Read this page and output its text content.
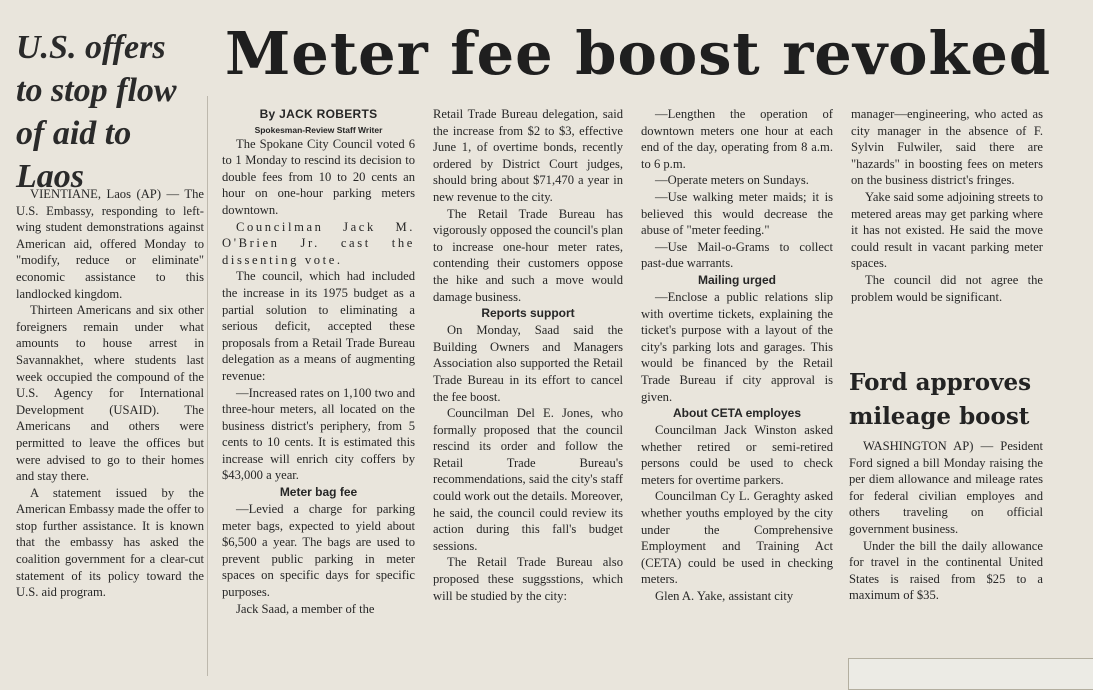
U.S. offers
to stop flow
of aid to Laos

VIENTIANE, Laos (AP) — The U.S. Embassy, responding to left-wing student demonstrations against American aid, offered Monday to "modify, reduce or eliminate" economic assistance to this landlocked kingdom.

Thirteen Americans and six other foreigners remain under what amounts to house arrest in Savannakhet, where students last week occupied the compound of the U.S. Agency for International Development (USAID). The Americans and others were permitted to leave the offices but were advised to go to their homes and stay there.

A statement issued by the American Embassy made the offer to stop further assistance. It is known that the embassy has asked the coalition government for a clear-cut statement of its policy toward the U.S. aid program.

Meter fee boost revoked
By JACK ROBERTS
Spokesman-Review Staff Writer

The Spokane City Council voted 6 to 1 Monday to rescind its decision to double fees from 10 to 20 cents an hour on one-hour parking meters downtown.

Councilman Jack M. O'Brien Jr. cast the dissenting vote.

The council, which had included the increase in its 1975 budget as a partial solution to eliminating a serious deficit, accepted these proposals from a Retail Trade Bureau delegation as a means of augmenting revenue:

—Increased rates on 1,100 two and three-hour meters, all located on the business district's periphery, from 5 cents to 10 cents. It is estimated this increase will enrich city coffers by $43,000 a year.

Meter bag fee

—Levied a charge for parking meter bags, expected to yield about $6,500 a year. The bags are used to prevent public parking in meter spaces on specific days for specific purposes.

Jack Saad, a member of the

Retail Trade Bureau delegation, said the increase from $2 to $3, effective June 1, of overtime bonds, recently ordered by District Court judges, should bring about $71,470 a year in new revenue to the city.

The Retail Trade Bureau has vigorously opposed the council's plan to increase one-hour meter rates, contending their customers oppose the hike and such a move would damage business.

Reports support

On Monday, Saad said the Building Owners and Managers Association also supported the Retail Trade Bureau in its effort to cancel the fee boost.

Councilman Del E. Jones, who formally proposed that the council rescind its order and follow the Retail Trade Bureau's recommendations, said the city's staff could work out the details. Moreover, he said, the council could review its action during this fall's budget sessions.

The Retail Trade Bureau also proposed these suggsstions, which will be studied by the city:

—Lengthen the operation of downtown meters one hour at each end of the day, operating from 8 a.m. to 6 p.m.

—Operate meters on Sundays.

—Use walking meter maids; it is believed this would decrease the abuse of "meter feeding."

—Use Mail-o-Grams to collect past-due warrants.

Mailing urged

—Enclose a public relations slip with overtime tickets, explaining the ticket's purpose with a layout of the city's parking lots and garages. This would be financed by the Retail Trade Bureau if city approval is given.

About CETA employes

Councilman Jack Winston asked whether retired or semi-retired persons could be used to check meters for overtime parkers.

Councilman Cy L. Geraghty asked whether youths employed by the city under the Comprehensive Employment and Training Act (CETA) could be used in checking meters.

Glen A. Yake, assistant city

manager—engineering, who acted as city manager in the absence of F. Sylvin Fulwiler, said there are "hazards" in boosting fees on meters on the business district's fringes.

Yake said some adjoining streets to metered areas may get parking where it has not existed. He said the move could result in vacant parking meter spaces.

The council did not agree the problem would be significant.

Ford approves
mileage boost

WASHINGTON AP) — Pesident Ford signed a bill Monday raising the per diem allowance and mileage rates for federal civilian employes and others traveling on official government business.

Under the bill the daily allowance for travel in the continental United States is raised from $25 to a maximum of $35.
